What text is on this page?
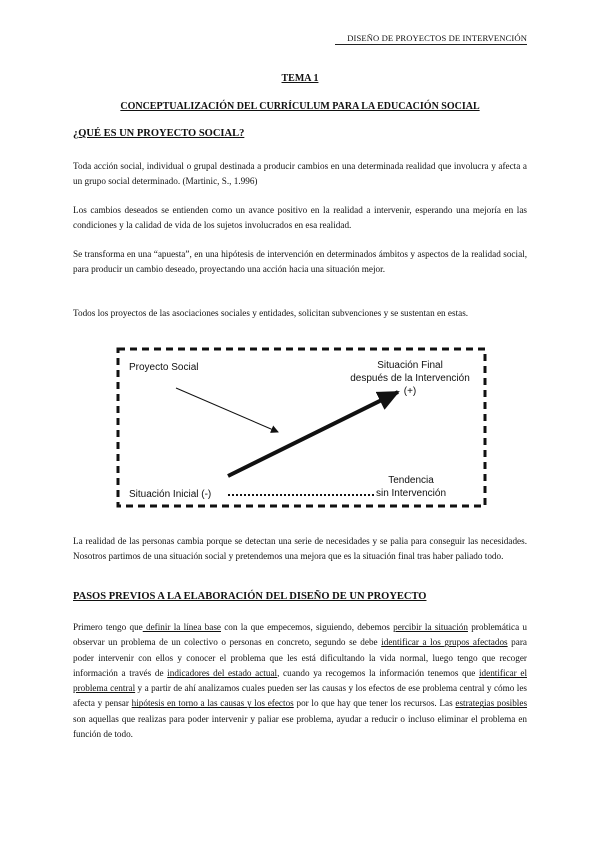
DISEÑO DE PROYECTOS DE INTERVENCIÓN
TEMA 1
CONCEPTUALIZACIÓN DEL CURRÍCULUM PARA LA EDUCACIÓN SOCIAL
¿QUÉ ES UN PROYECTO SOCIAL?
Toda acción social, individual o grupal destinada a producir cambios en una determinada realidad que involucra y afecta a un grupo social determinado. (Martinic, S., 1.996)
Los cambios deseados se entienden como un avance positivo en la realidad a intervenir, esperando una mejoría en las condiciones y la calidad de vida de los sujetos involucrados en esa realidad.
Se transforma en una “apuesta”, en una hipótesis de intervención en determinados ámbitos y aspectos de la realidad social, para producir un cambio deseado, proyectando una acción hacia una situación mejor.
Todos los proyectos de las asociaciones sociales y entidades, solicitan subvenciones y se sustentan en estas.
Proyecto Social	Situación Final
después de la Intervención
(+)
Situación Inicial (-)
Tendencia
sin Intervención
La realidad de las personas cambia porque se detectan una serie de necesidades y se palia para conseguir las necesidades. Nosotros partimos de una situación social y pretendemos una mejora que es la situación final tras haber paliado todo.
PASOS PREVIOS A LA ELABORACIÓN DEL DISEÑO DE UN PROYECTO
Primero tengo que definir la línea base con la que empecemos, siguiendo, debemos percibir la situación problemática u observar un problema de un colectivo o personas en concreto, segundo se debe identificar a los grupos afectados para poder intervenir con ellos y conocer el problema que les está dificultando la vida normal, luego tengo que recoger información a través de indicadores del estado actual, cuando ya recogemos la información tenemos que identificar el problema central y a partir de ahí analizamos cuales pueden ser las causas y los efectos de ese problema central y cómo les afecta y pensar hipótesis en torno a las causas y los efectos por lo que hay que tener los recursos. Las estrategias posibles son aquellas que realizas para poder intervenir y paliar ese problema, ayudar a reducir o incluso eliminar el problema en función de todo.
